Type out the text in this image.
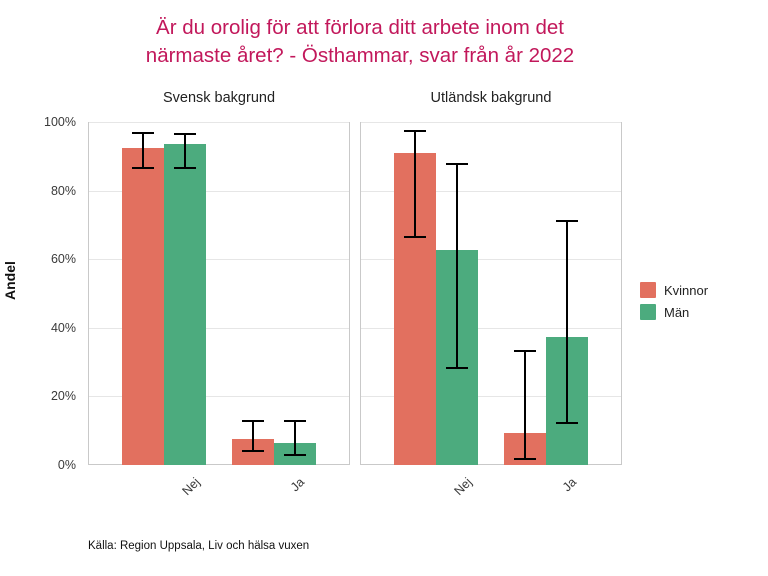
Är du orolig för att förlora ditt arbete inom det
närmaste året? - Östhammar, svar från år 2022
Andel
0%
20%
40%
60%
80%
100%
Svensk bakgrund
Nej	Ja
Utländsk bakgrund
Nej	Ja
Kvinnor
Män
Källa: Region Uppsala, Liv och hälsa vuxen
